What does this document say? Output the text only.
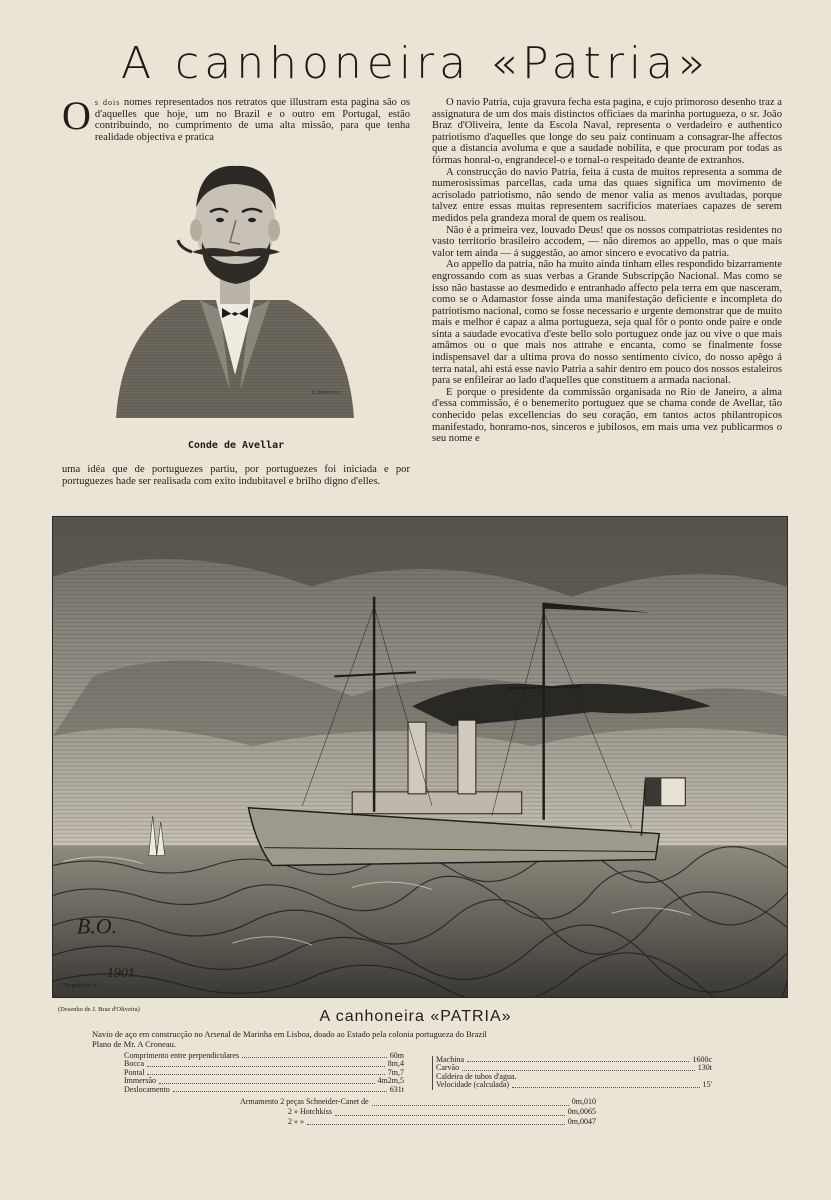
A canhoneira «Patria»
Os dois nomes representados nos retratos que illustram esta pagina são os d'aquelles que hoje, um no Brazil e o outro em Portugal, estão contribuindo, no cumprimento de uma alta missão, para que tenha realidade objectiva e pratica
C.Monteiro
Conde de Avellar
uma idéa que de portuguezes partiu, por portuguezes foi iniciada e por portuguezes hade ser realisada com exito indubitavel e brilho digno d'elles.

O navio Patria, cuja gravura fecha esta pagina, e cujo primoroso desenho traz a assignatura de um dos mais distinctos officiaes da marinha portugueza, o sr. João Braz d'Oliveira, lente da Escola Naval, representa o verdadeiro e authentico patriotismo d'aquelles que longe do seu paiz continuam a consagrar-lhe affectos que a distancia avoluma e que a saudade nobilita, e que procuram por todas as fórmas honral-o, engrandecel-o e tornal-o respeitado deante de extranhos.

A construcção do navio Patria, feita á custa de muitos representa a somma de numerosissimas parcellas, cada uma das quaes significa um movimento de acrisolado patriotismo, não sendo de menor valia as menos avultadas, porque talvez entre essas muitas representem sacrificios materiaes capazes de serem medidos pela grandeza moral de quem os realisou.

Não é a primeira vez, louvado Deus! que os nossos compatriotas residentes no vasto territorio brasileiro accodem, — não diremos ao appello, mas o que mais valor tem ainda — á suggestão, ao amor sincero e evocativo da patria.

Ao appello da patria, não ha muito ainda tinham elles respondido bizarramente engrossando com as suas verbas a Grande Subscripção Nacional. Mas como se isso não bastasse ao desmedido e entranhado affecto pela terra em que nasceram, como se o Adamastor fosse ainda uma manifestação deficiente e incompleta do patriotismo nacional, como se fosse necessario e urgente demonstrar que de muito mais e melhor é capaz a alma portugueza, seja qual fôr o ponto onde paire e onde sinta a saudade evocativa d'este bello solo portuguez onde jaz ou vive o que mais amâmos ou o que mais nos attrahe e encanta, como se finalmente fosse indispensavel dar a ultima prova do nosso sentimento civico, do nosso apêgo á terra natal, ahi está esse navio Patria a sahir dentro em pouco dos nossos estaleiros para se enfileirar ao lado d'aquelles que constituem a armada nacional.

E porque o presidente da commissão organisada no Rio de Janeiro, a alma d'essa commissão, é o benemerito portuguez que se chama conde de Avellar, tão conhecido pelas excellencias do seu coração, em tantos actos philantropicos manifestado, honramo-nos, sinceros e jubilosos, em mais uma vez publicarmos o seu nome e

B.O.
1901
Diegodinho Jr
(Desenho de J. Braz d'Oliveira)	A canhoneira «PATRIA»
Navio de aço em construcção no Arsenal de Marinha em Lisboa, doado ao Estado pela colonia portugueza do Brazil
Plano de Mr. A Croneau.
Comprimento entre perpendiculares	60m
Bocca	8m,4
Pontal	7m,7
Immersão	4m2m,5
Deslocamento	631t
Machina	1600c
Carvão	130t
Caldeira de tubos d'agua.
Velocidade (calculada)	15'
Armamento 2 peças Schneider-Canet de	0m,010
2 » Hotchkiss	0m,0065
2 » »	0m,0047
